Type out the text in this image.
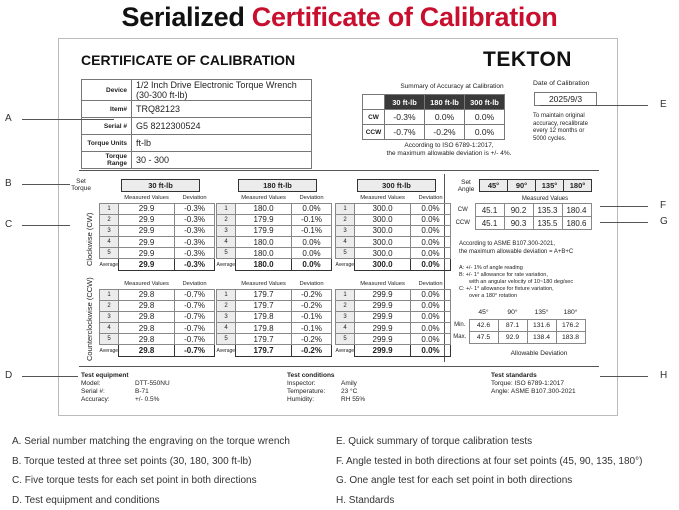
Serialized Certificate of Calibration
CERTIFICATE OF CALIBRATION	TEKTON
Device	1/2 Inch Drive Electronic Torque Wrench (30-300 ft-lb)
Item#	TRQ82123
Serial #	G5 8212300524
Torque Units	ft-lb
Torque Range	30 - 300
Summary of Accuracy at Calibration
	30 ft-lb	180 ft-lb	300 ft-lb
CW	-0.3%	0.0%	0.0%
CCW	-0.7%	-0.2%	0.0%
According to ISO 6789-1:2017,
the maximum allowable deviation is +/- 4%.
Date of Calibration
2025/9/3
To maintain original
accuracy, recalibrate
every 12 months or
5000 cycles.
Set Torque
Clockwise (CW)
Counterclockwise (CCW)
Set Angle	45°	90°	135°	180°
Measured Values
CW	45.1	90.2	135.3	180.4
CCW	45.1	90.3	135.5	180.6
According to ASME B107.300-2021,
the maximum allowable deviation = A+B+C
A: +/- 1% of angle reading
B: +/- 1° allowance for rate variation,
with an angular velocity of 10~180 deg/sec
C: +/- 1° allowance for fixture variation,
over a 180° rotation
	45°	90°	135°	180°
Min.	42.6	87.1	131.6	176.2
Max.	47.5	92.9	138.4	183.8
Allowable Deviation
Test equipment
Model:	DTT-550NU
Serial #:	B-71
Accuracy:	+/- 0.5%
Test conditions
Inspector:	Amily
Temperature: 23 °C
Humidity:	RH 55%
Test standards
Torque: ISO 6789-1:2017
Angle: ASME B107.300-2021
30 ft-lb
	Measured Values	Deviation
1	29.9	-0.3%
2	29.9	-0.3%
3	29.9	-0.3%
4	29.9	-0.3%
5	29.9	-0.3%
Average	29.9	-0.3%
	Measured Values	Deviation
1	29.8	-0.7%
2	29.8	-0.7%
3	29.8	-0.7%
4	29.8	-0.7%
5	29.8	-0.7%
Average	29.8	-0.7%
180 ft-lb
	Measured Values	Deviation
1	180.0	0.0%
2	179.9	-0.1%
3	179.9	-0.1%
4	180.0	0.0%
5	180.0	0.0%
Average	180.0	0.0%
	Measured Values	Deviation
1	179.7	-0.2%
2	179.7	-0.2%
3	179.8	-0.1%
4	179.8	-0.1%
5	179.7	-0.2%
Average	179.7	-0.2%
300 ft-lb
	Measured Values	Deviation
1	300.0	0.0%
2	300.0	0.0%
3	300.0	0.0%
4	300.0	0.0%
5	300.0	0.0%
Average	300.0	0.0%
	Measured Values	Deviation
1	299.9	0.0%
2	299.9	0.0%
3	299.9	0.0%
4	299.9	0.0%
5	299.9	0.0%
Average	299.9	0.0%
A
B
C
D
E
F
G
H
A. Serial number matching the engraving on the torque wrench
B. Torque tested at three set points (30, 180, 300 ft-lb)
C. Five torque tests for each set point in both directions
D. Test equipment and conditions
E. Quick summary of torque calibration tests
F. Angle tested in both directions at four set points (45, 90, 135, 180°)
G. One angle test for each set point in both directions
H. Standards
